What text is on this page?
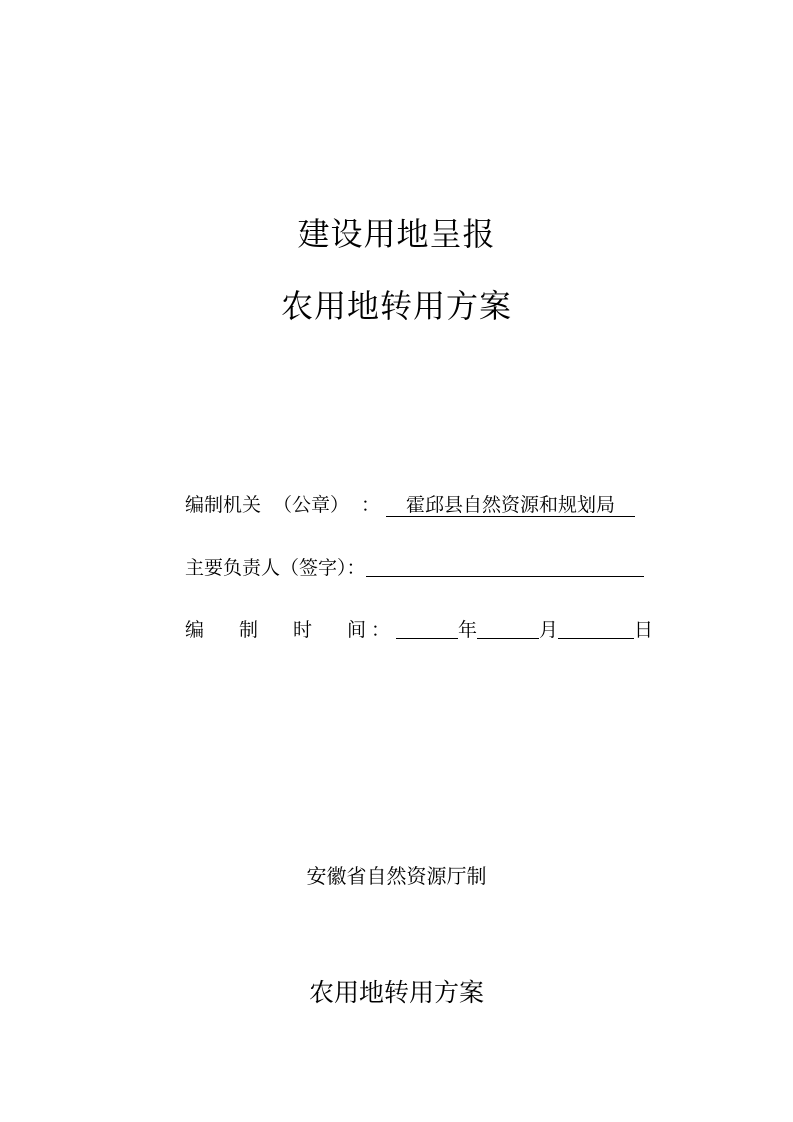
建设用地呈报
农用地转用方案
编制机关 （公章） ： 霍邱县自然资源和规划局
主要负责人（签字）：
编 制 时 间 ：	年	月	日
安徽省自然资源厅制
农用地转用方案
